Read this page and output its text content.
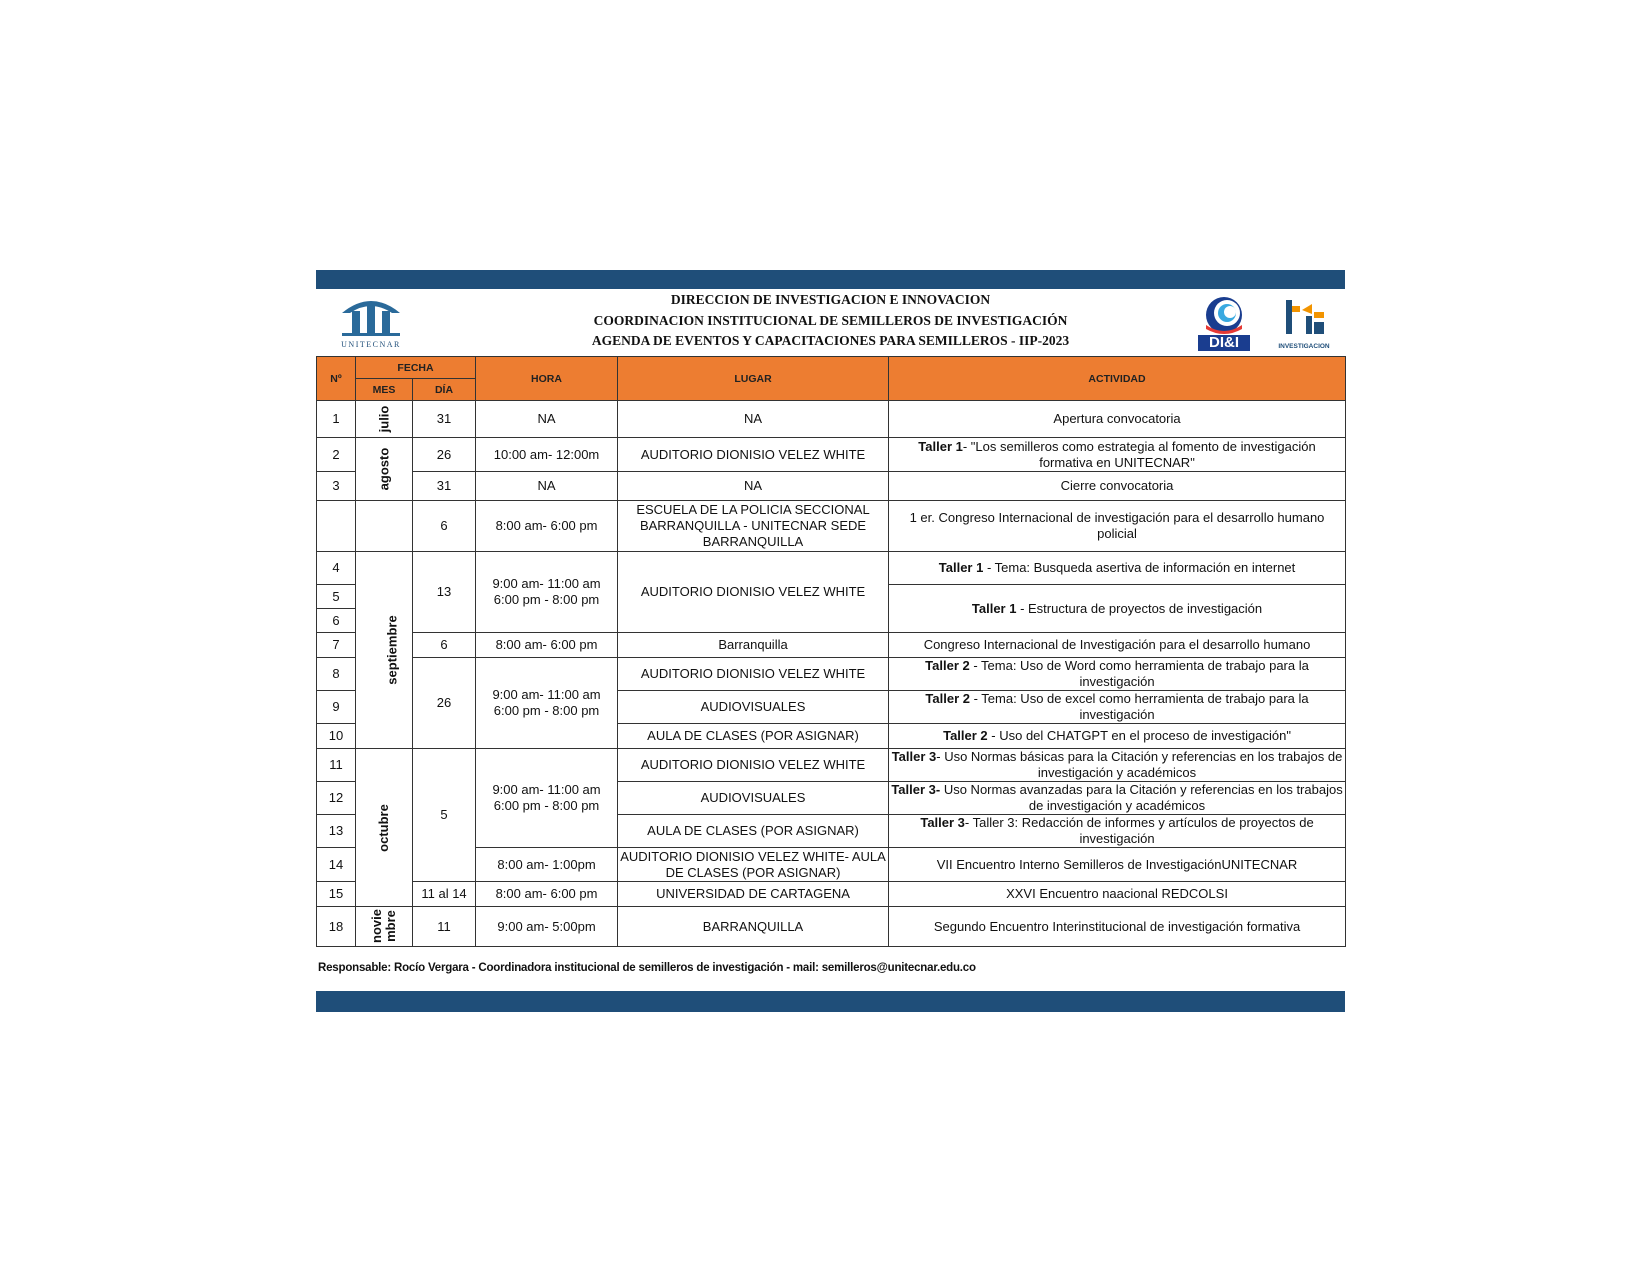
UNITECNAR
DIRECCION DE INVESTIGACION E INNOVACION
COORDINACION INSTITUCIONAL DE SEMILLEROS DE INVESTIGACIÓN
AGENDA DE EVENTOS Y CAPACITACIONES PARA SEMILLEROS - IIP-2023	DI&I	INVESTIGACION
Nº	FECHA		HORA	LUGAR	ACTIVIDAD
	MES	DÍA			
1	julio	31	NA	NA	Apertura convocatoria
2	agosto	26	10:00 am- 12:00m	AUDITORIO DIONISIO VELEZ WHITE	Taller 1- "Los semilleros como estrategia al fomento de investigación formativa en UNITECNAR"
3		31	NA	NA	Cierre convocatoria
		6	8:00 am- 6:00 pm	ESCUELA DE LA POLICIA SECCIONAL BARRANQUILLA - UNITECNAR SEDE BARRANQUILLA	1 er. Congreso Internacional de investigación para el desarrollo humano policial
4	septiembre	13	9:00 am- 11:00 am
6:00 pm - 8:00 pm	AUDITORIO DIONISIO VELEZ WHITE	Taller 1 - Tema: Busqueda asertiva de información en internet
5					Taller 1 - Estructura de proyectos de investigación
6					
7		6	8:00 am- 6:00 pm	Barranquilla	Congreso Internacional de Investigación para el desarrollo humano
8		26	9:00 am- 11:00 am
6:00 pm - 8:00 pm	AUDITORIO DIONISIO VELEZ WHITE	Taller 2 - Tema: Uso de Word como herramienta de trabajo para la investigación
9				AUDIOVISUALES	Taller 2 - Tema: Uso de excel como herramienta de trabajo para la investigación
10				AULA DE CLASES (POR ASIGNAR)	Taller 2 - Uso del CHATGPT en el proceso de investigación"
11	octubre	5	9:00 am- 11:00 am
6:00 pm - 8:00 pm	AUDITORIO DIONISIO VELEZ WHITE	Taller 3- Uso Normas básicas para la Citación y referencias en los trabajos de investigación y académicos
12				AUDIOVISUALES	Taller 3- Uso Normas avanzadas para la Citación y referencias en los trabajos de investigación y académicos
13				AULA DE CLASES (POR ASIGNAR)	Taller 3- Taller 3: Redacción de informes y artículos de proyectos de investigación
14			8:00 am- 1:00pm	AUDITORIO DIONISIO VELEZ WHITE- AULA DE CLASES (POR ASIGNAR)	VII Encuentro Interno Semilleros de InvestigaciónUNITECNAR
15		11 al 14	8:00 am- 6:00 pm	UNIVERSIDAD DE CARTAGENA	XXVI Encuentro naacional REDCOLSI
18	novie mbre	11	9:00 am- 5:00pm	BARRANQUILLA	Segundo Encuentro Interinstitucional de investigación formativa
Responsable: Rocío Vergara - Coordinadora institucional de semilleros de investigación - mail: semilleros@unitecnar.edu.co
